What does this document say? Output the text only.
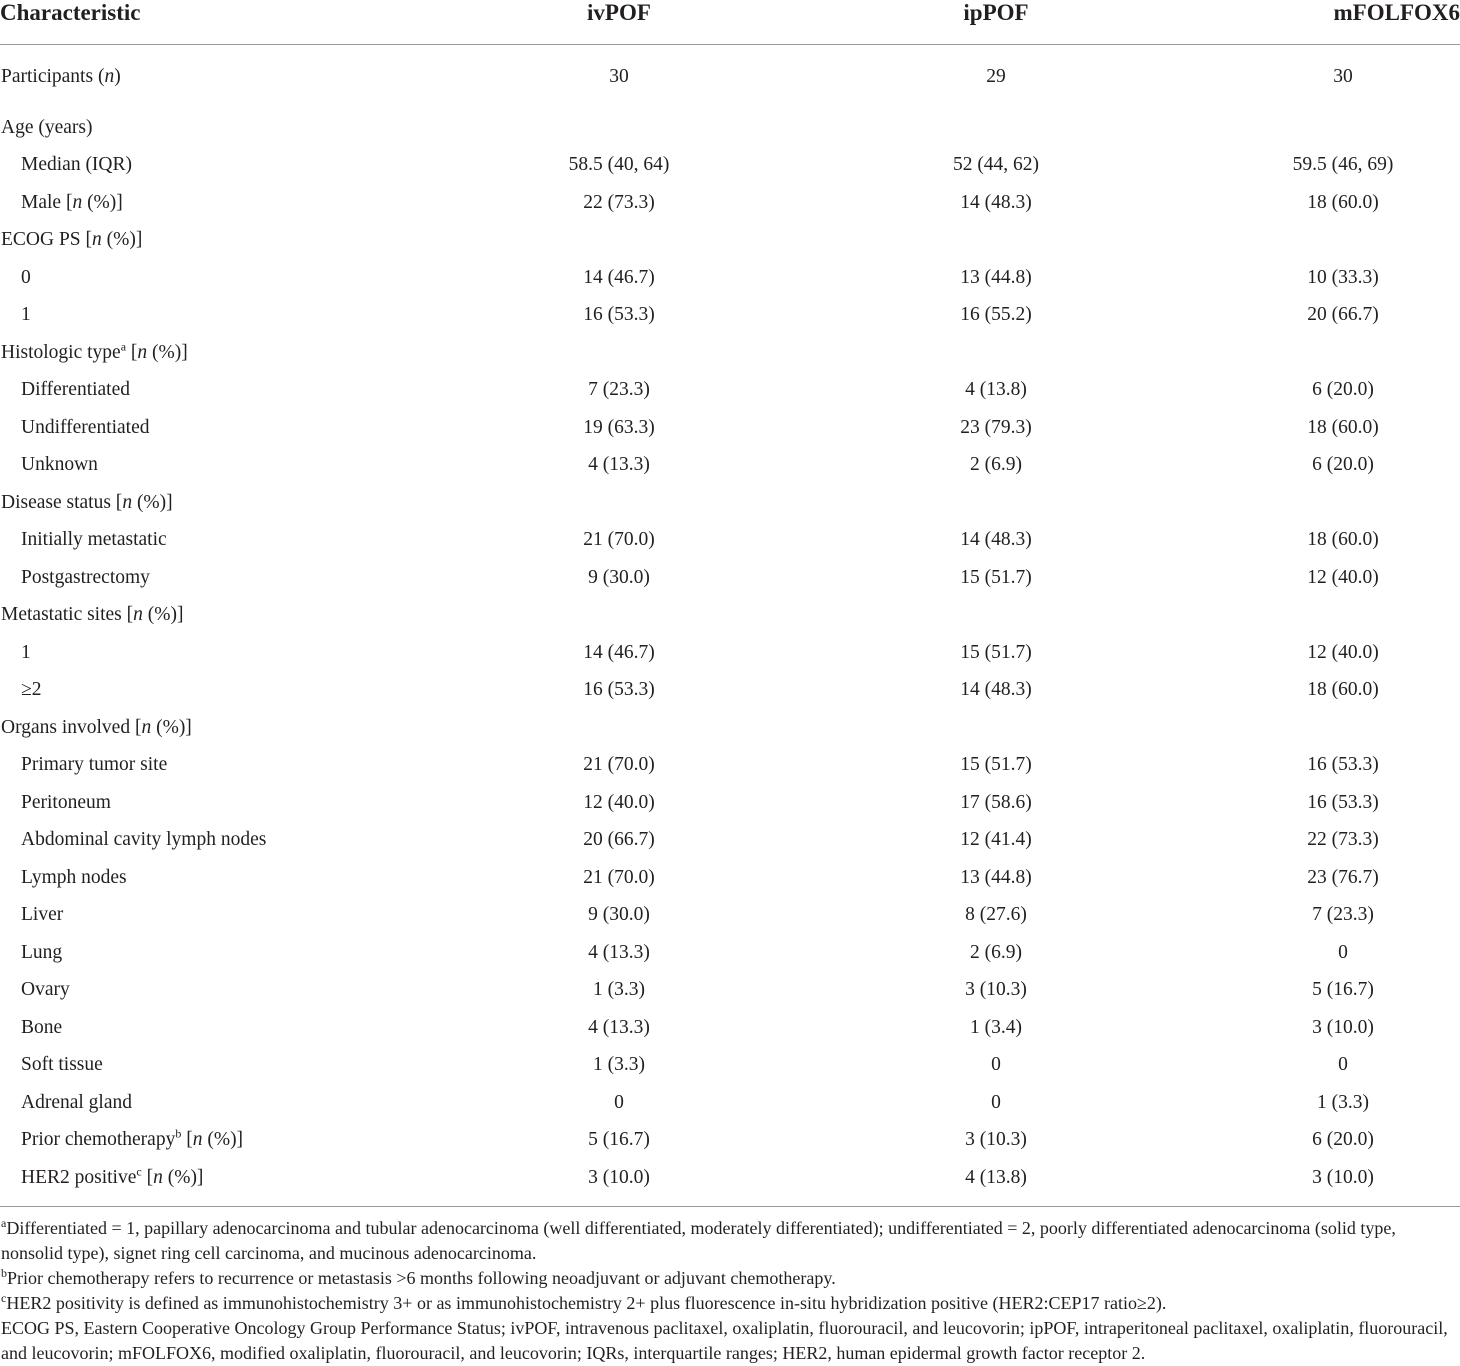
Characteristic	ivPOF	ipPOF	mFOLFOX6
Participants (n)	30	29	30
Age (years)			
Median (IQR)	58.5 (40, 64)	52 (44, 62)	59.5 (46, 69)
Male [n (%)]	22 (73.3)	14 (48.3)	18 (60.0)
ECOG PS [n (%)]			
0	14 (46.7)	13 (44.8)	10 (33.3)
1	16 (53.3)	16 (55.2)	20 (66.7)
Histologic type$^a$ [n (%)]			
Differentiated	7 (23.3)	4 (13.8)	6 (20.0)
Undifferentiated	19 (63.3)	23 (79.3)	18 (60.0)
Unknown	4 (13.3)	2 (6.9)	6 (20.0)
Disease status [n (%)]			
Initially metastatic	21 (70.0)	14 (48.3)	18 (60.0)
Postgastrectomy	9 (30.0)	15 (51.7)	12 (40.0)
Metastatic sites [n (%)]			
1	14 (46.7)	15 (51.7)	12 (40.0)
≥2	16 (53.3)	14 (48.3)	18 (60.0)
Organs involved [n (%)]			
Primary tumor site	21 (70.0)	15 (51.7)	16 (53.3)
Peritoneum	12 (40.0)	17 (58.6)	16 (53.3)
Abdominal cavity lymph nodes	20 (66.7)	12 (41.4)	22 (73.3)
Lymph nodes	21 (70.0)	13 (44.8)	23 (76.7)
Liver	9 (30.0)	8 (27.6)	7 (23.3)
Lung	4 (13.3)	2 (6.9)	0
Ovary	1 (3.3)	3 (10.3)	5 (16.7)
Bone	4 (13.3)	1 (3.4)	3 (10.0)
Soft tissue	1 (3.3)	0	0
Adrenal gland	0	0	1 (3.3)
Prior chemotherapy$^b$ [n (%)]	5 (16.7)	3 (10.3)	6 (20.0)
HER2 positive$^c$ [n (%)]	3 (10.0)	4 (13.8)	3 (10.0)

$^a$Differentiated = 1, papillary adenocarcinoma and tubular adenocarcinoma (well differentiated, moderately differentiated); undifferentiated = 2, poorly differentiated adenocarcinoma (solid type, nonsolid type), signet ring cell carcinoma, and mucinous adenocarcinoma.

$^b$Prior chemotherapy refers to recurrence or metastasis >6 months following neoadjuvant or adjuvant chemotherapy.

$^c$HER2 positivity is defined as immunohistochemistry 3+ or as immunohistochemistry 2+ plus fluorescence in-situ hybridization positive (HER2:CEP17 ratio≥2).

ECOG PS, Eastern Cooperative Oncology Group Performance Status; ivPOF, intravenous paclitaxel, oxaliplatin, fluorouracil, and leucovorin; ipPOF, intraperitoneal paclitaxel, oxaliplatin, fluorouracil, and leucovorin; mFOLFOX6, modified oxaliplatin, fluorouracil, and leucovorin; IQRs, interquartile ranges; HER2, human epidermal growth factor receptor 2.
